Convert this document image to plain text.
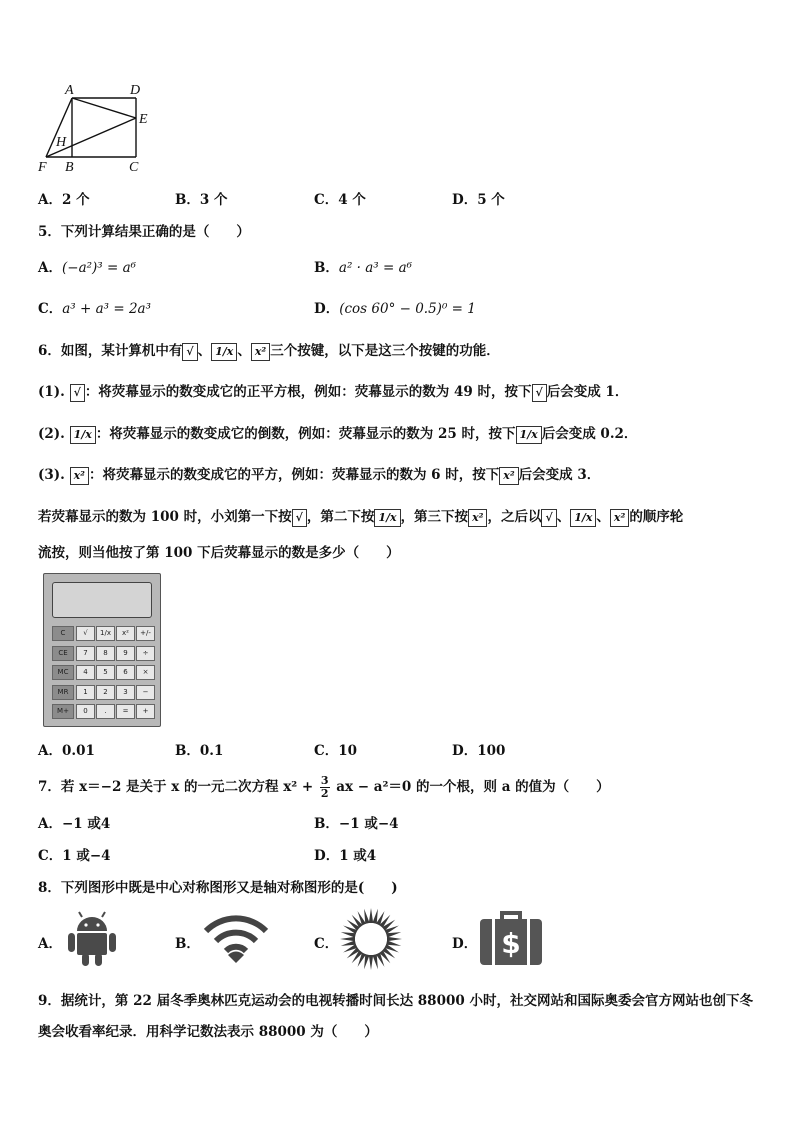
A	D
E
H
F B	C
A．2 个	B．3 个	C．4 个	D．5 个
5．下列计算结果正确的是（　　）
A．(−a²)³ = a⁶	B．a² · a³ = a⁶
C．a³ + a³ = 2a³	D．(cos 60° − 0.5)⁰ = 1
6．如图，某计算机中有 √ 、 1/x 、 x² 三个按键，以下是这三个按键的功能．
(1). √ ：将荧幕显示的数变成它的正平方根，例如：荧幕显示的数为 49 时，按下 √ 后会变成 1．
(2). 1/x ：将荧幕显示的数变成它的倒数，例如：荧幕显示的数为 25 时，按下 1/x 后会变成 0.2．
(3). x² ：将荧幕显示的数变成它的平方，例如：荧幕显示的数为 6 时，按下 x² 后会变成 3．
若荧幕显示的数为 100 时，小刘第一下按 √ ，第二下按 1/x ，第三下按 x² ，之后以 √ 、 1/x 、 x² 的顺序轮
流按，则当他按了第 100 下后荧幕显示的数是多少（　　）
C	√	1/x	x²	+/-
CE	7	8	9	÷
MC	4	5	6	×
MR	1	2	3	−
M+	0	.	=	+
A．0.01	B．0.1	C．10	D．100
7．若 x＝−2 是关于 x 的一元二次方程 $x^2 + \frac{3}{2}$ ax − a²＝0 的一个根，则 a 的值为（　　）
A．−1 或4	B．−1 或−4
C．1 或−4	D．1 或4
8．下列图形中既是中心对称图形又是轴对称图形的是(　　)
A．	B．	C．	D． $
9．据统计，第 22 届冬季奥林匹克运动会的电视转播时间长达 88000 小时，社交网站和国际奥委会官方网站也创下冬
奥会收看率纪录．用科学记数法表示 88000 为（　　）
